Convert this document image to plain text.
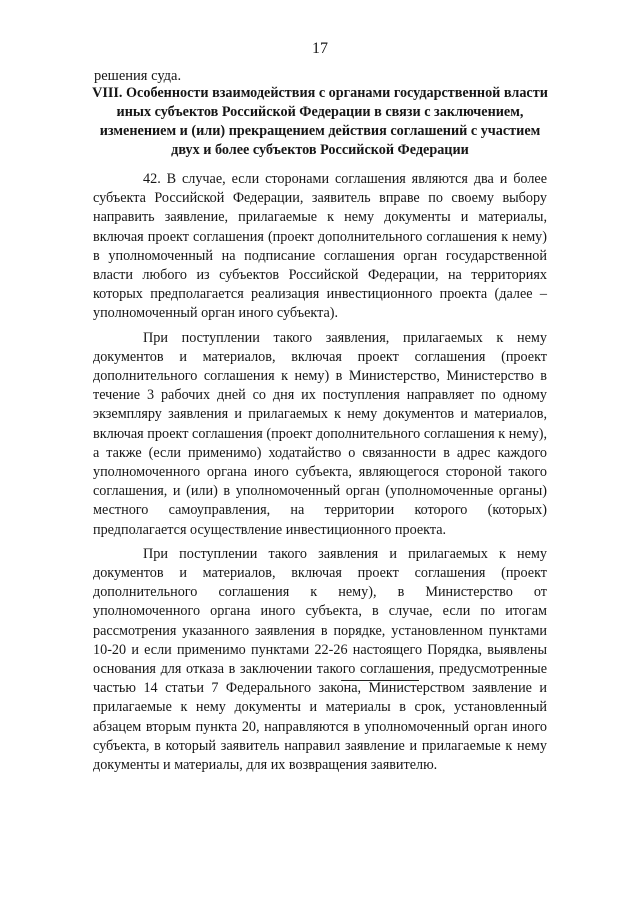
17
решения суда.
VIII. Особенности взаимодействия с органами государственной власти иных субъектов Российской Федерации в связи с заключением, изменением и (или) прекращением действия соглашений с участием двух и более субъектов Российской Федерации

42. В случае, если сторонами соглашения являются два и более субъекта Российской Федерации, заявитель вправе по своему выбору направить заявление, прилагаемые к нему документы и материалы, включая проект соглашения (проект дополнительного соглашения к нему) в уполномоченный на подписание соглашения орган государственной власти любого из субъектов Российской Федерации, на территориях которых предполагается реализация инвестиционного проекта (далее – уполномоченный орган иного субъекта).

При поступлении такого заявления, прилагаемых к нему документов и материалов, включая проект соглашения (проект дополнительного соглашения к нему) в Министерство, Министерство в течение 3 рабочих дней со дня их поступления направляет по одному экземпляру заявления и прилагаемых к нему документов и материалов, включая проект соглашения (проект дополнительного соглашения к нему), а также (если применимо) ходатайство о связанности в адрес каждого уполномоченного органа иного субъекта, являющегося стороной такого соглашения, и (или) в уполномоченный орган (уполномоченные органы) местного самоуправления, на территории которого (которых) предполагается осуществление инвестиционного проекта.

При поступлении такого заявления и прилагаемых к нему документов и материалов, включая проект соглашения (проект дополнительного соглашения к нему), в Министерство от уполномоченного органа иного субъекта, в случае, если по итогам рассмотрения указанного заявления в порядке, установленном пунктами 10-20 и если применимо пунктами 22-26 настоящего Порядка, выявлены основания для отказа в заключении такого соглашения, предусмотренные частью 14 статьи 7 Федерального закона, Министерством заявление и прилагаемые к нему документы и материалы в срок, установленный абзацем вторым пункта 20, направляются в уполномоченный орган иного субъекта, в который заявитель направил заявление и прилагаемые к нему документы и материалы, для их возвращения заявителю.
